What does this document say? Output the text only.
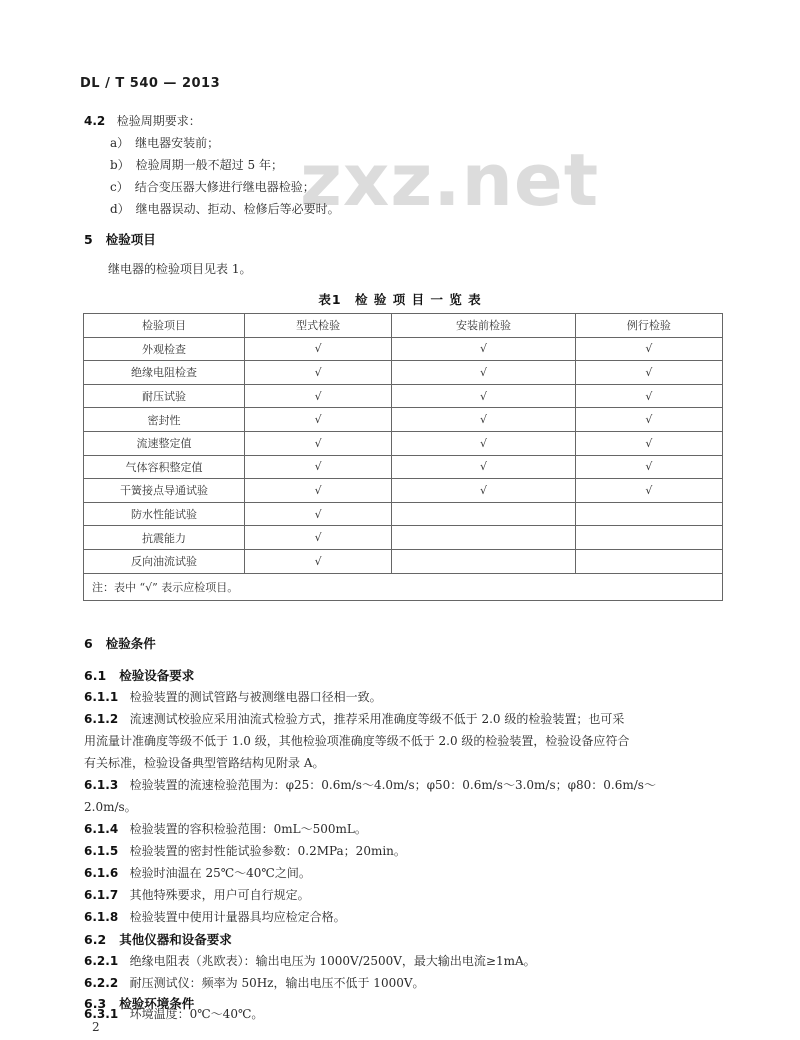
DL / T 540 — 2013
zxz.net
4.2 检验周期要求：
a）　继电器安装前；
b）　检验周期一般不超过 5 年；
c）　结合变压器大修进行继电器检验；
d）　继电器误动、拒动、检修后等必要时。
5 检验项目
继电器的检验项目见表 1。
表1　检 验 项 目 一 览 表
检验项目	型式检验	安装前检验	例行检验
外观检查	√	√	√
绝缘电阻检查	√	√	√
耐压试验	√	√	√
密封性	√	√	√
流速整定值	√	√	√
气体容积整定值	√	√	√
干簧接点导通试验	√	√	√
防水性能试验	√		
抗震能力	√		
反向油流试验	√		
注：表中 “√” 表示应检项目。			
6 检验条件
6.1 检验设备要求
6.1.1 检验装置的测试管路与被测继电器口径相一致。
6.1.2 流速测试校验应采用油流式检验方式，推荐采用准确度等级不低于 2.0 级的检验装置；也可采
用流量计准确度等级不低于 1.0 级，其他检验项准确度等级不低于 2.0 级的检验装置，检验设备应符合
有关标准，检验设备典型管路结构见附录 A。
6.1.3 检验装置的流速检验范围为：φ25：0.6m/s～4.0m/s；φ50：0.6m/s～3.0m/s；φ80：0.6m/s～
2.0m/s。
6.1.4 检验装置的容积检验范围：0mL～500mL。
6.1.5 检验装置的密封性能试验参数：0.2MPa；20min。
6.1.6 检验时油温在 25℃～40℃之间。
6.1.7 其他特殊要求，用户可自行规定。
6.1.8 检验装置中使用计量器具均应检定合格。
6.2 其他仪器和设备要求
6.2.1 绝缘电阻表（兆欧表）：输出电压为 1000V/2500V，最大输出电流≥1mA。
6.2.2 耐压测试仪：频率为 50Hz，输出电压不低于 1000V。
6.3 检验环境条件
6.3.1 环境温度：0℃～40℃。
2
